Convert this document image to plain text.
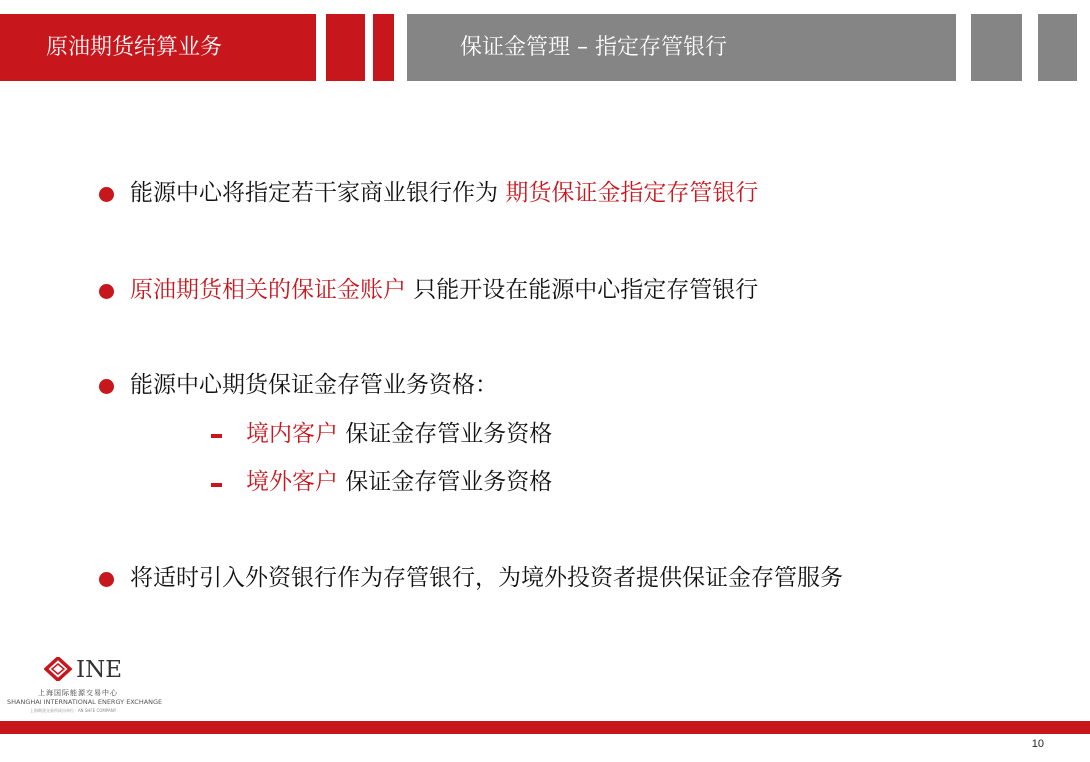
原油期货结算业务	保证金管理 – 指定存管银行
能源中心将指定若干家商业银行作为 期货保证金指定存管银行
原油期货相关的保证金账户 只能开设在能源中心指定存管银行
能源中心期货保证金存管业务资格：
境内客户 保证金存管业务资格
境外客户 保证金存管业务资格
将适时引入外资银行作为存管银行，为境外投资者提供保证金存管服务
INE
上海国际能源交易中心
SHANGHAI INTERNATIONAL ENERGY EXCHANGE
上海期货交易所成员单位 · AN SHFE COMPANY
10
